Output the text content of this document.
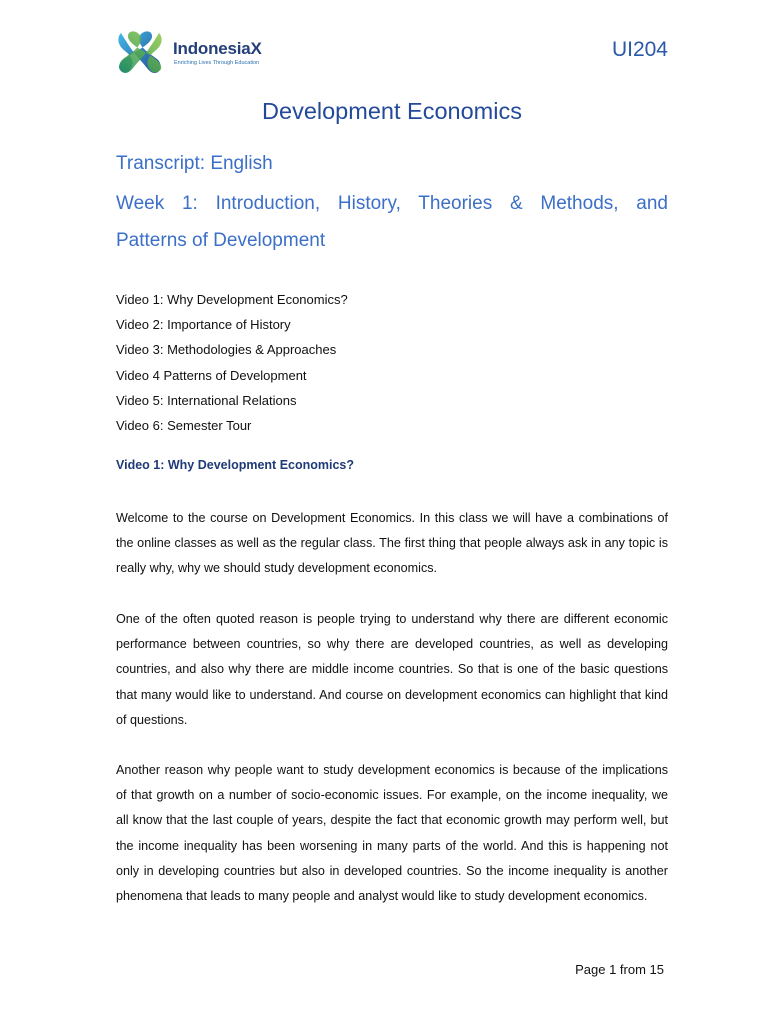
IndonesiaX
Enriching Lives Through Education
UI204
Development Economics
Transcript: English
Week 1: Introduction, History, Theories & Methods, and
Patterns of Development
Video 1: Why Development Economics?
Video 2: Importance of History
Video 3: Methodologies & Approaches
Video 4 Patterns of Development
Video 5: International Relations
Video 6: Semester Tour
Video 1: Why Development Economics?

Welcome to the course on Development Economics. In this class we will have a combinations of the online classes as well as the regular class. The first thing that people always ask in any topic is really why, why we should study development economics.

One of the often quoted reason is people trying to understand why there are different economic performance between countries, so why there are developed countries, as well as developing countries, and also why there are middle income countries. So that is one of the basic questions that many would like to understand. And course on development economics can highlight that kind of questions.

Another reason why people want to study development economics is because of the implications of that growth on a number of socio-economic issues. For example, on the income inequality, we all know that the last couple of years, despite the fact that economic growth may perform well, but the income inequality has been worsening in many parts of the world. And this is happening not only in developing countries but also in developed countries. So the income inequality is another phenomena that leads to many people and analyst would like to study development economics.

Page 1 from 15
